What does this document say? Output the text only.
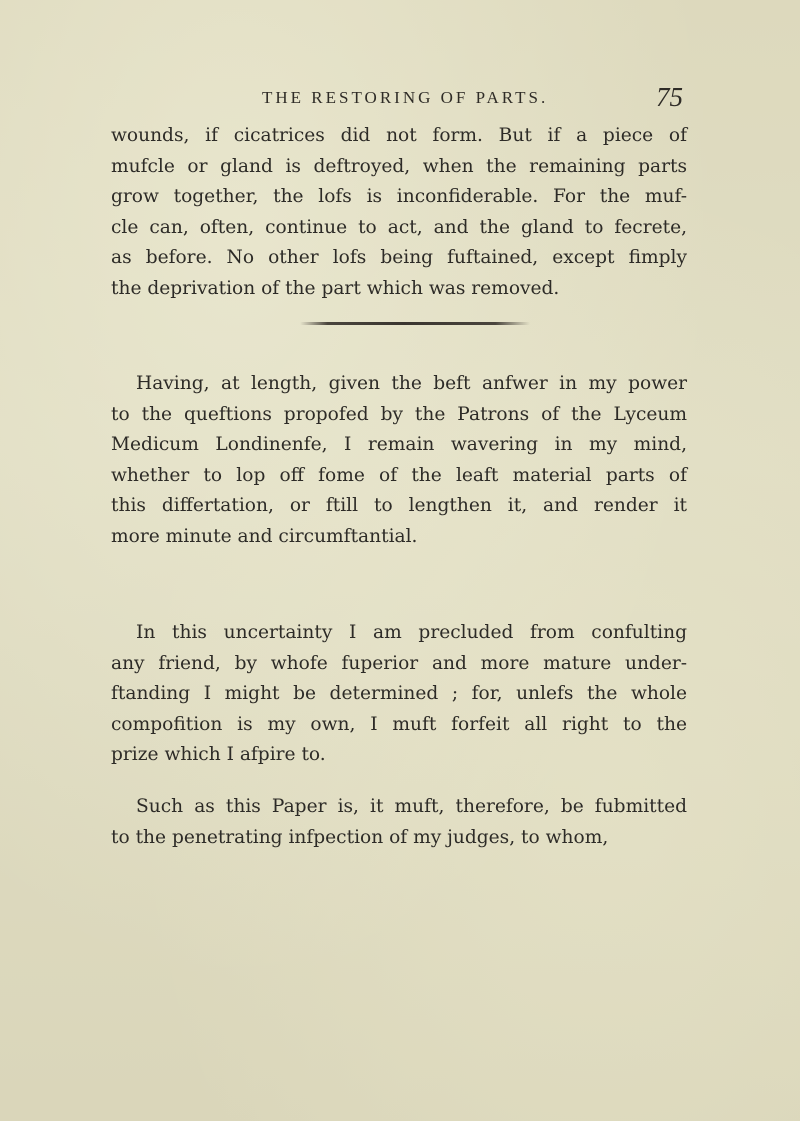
THE RESTORING OF PARTS.	75
wounds, if cicatrices did not form. But if a piece of
mufcle or gland is deftroyed, when the remaining parts
grow together, the lofs is inconfiderable. For the muf-
cle can, often, continue to act, and the gland to fecrete,
as before. No other lofs being fuftained, except fimply
the deprivation of the part which was removed.
Having, at length, given the beft anfwer in my power
to the queftions propofed by the Patrons of the Lyceum
Medicum Londinenfe, I remain wavering in my mind,
whether to lop off fome of the leaft material parts of
this differtation, or ftill to lengthen it, and render it
more minute and circumftantial.
In this uncertainty I am precluded from confulting
any friend, by whofe fuperior and more mature under-
ftanding I might be determined ; for, unlefs the whole
compofition is my own, I muft forfeit all right to the
prize which I afpire to.
Such as this Paper is, it muft, therefore, be fubmitted
to the penetrating infpection of my judges, to whom,
